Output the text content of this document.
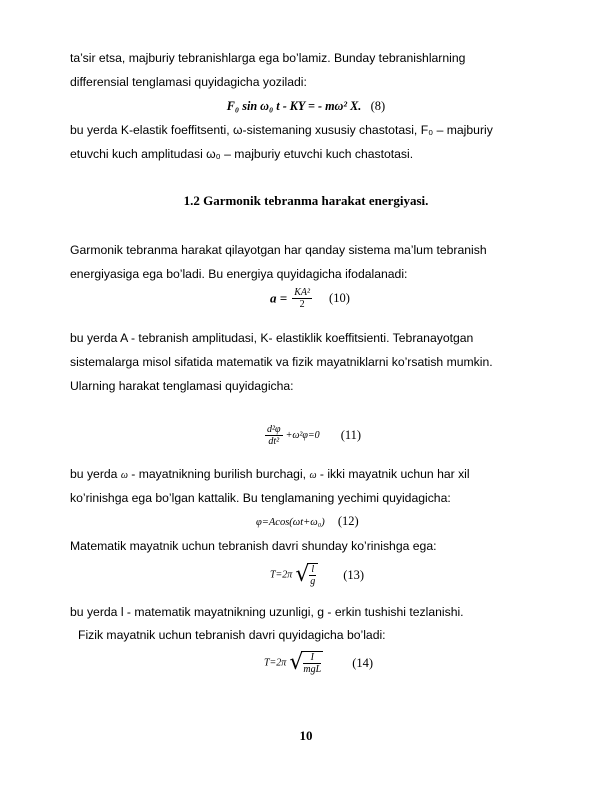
ta’sir etsa, majburiy tebranishlarga ega bo’lamiz. Bunday tebranishlarning
differensial tenglamasi quyidagicha yoziladi:
F₀ sin ω₀ t - KY = - mω² X. (8)
bu yerda K-elastik foeffitsenti, ω-sistemaning xususiy chastotasi, F₀ – majburiy
etuvchi kuch amplitudasi ω₀ – majburiy etuvchi kuch chastotasi.
1.2 Garmonik tebranma harakat energiyasi.
Garmonik tebranma harakat qilayotgan har qanday sistema ma’lum tebranish
energiyasiga ega bo’ladi. Bu energiya quyidagicha ifodalanadi:
$a = \frac{\text{KA²}}{2} (10)$
bu yerda A - tebranish amplitudasi, K- elastiklik koeffitsienti. Tebranayotgan
sistemalarga misol sifatida matematik va fizik mayatniklarni ko’rsatish mumkin.
Ularning harakat tenglamasi quyidagicha:
$\frac{\text{d²φ}}{\text{dt²}} +\omega^2\varphi=0$ (11)
bu yerda ω - mayatnikning burilish burchagi, ω - ikki mayatnik uchun har xil
ko’rinishga ega bo’lgan kattalik. Bu tenglamaning yechimi quyidagicha:
φ=Acos(ωt+ω₀) (12)
Matematik mayatnik uchun tebranish davri shunday ko’rinishga ega:
T=2π √
$\frac{l}{g} (13)$
bu yerda l - matematik mayatnikning uzunligi, g - erkin tushishi tezlanishi.
Fizik mayatnik uchun tebranish davri quyidagicha bo’ladi:
T=2π √
$\frac{I}{\text{mgL}} (14)$
10
